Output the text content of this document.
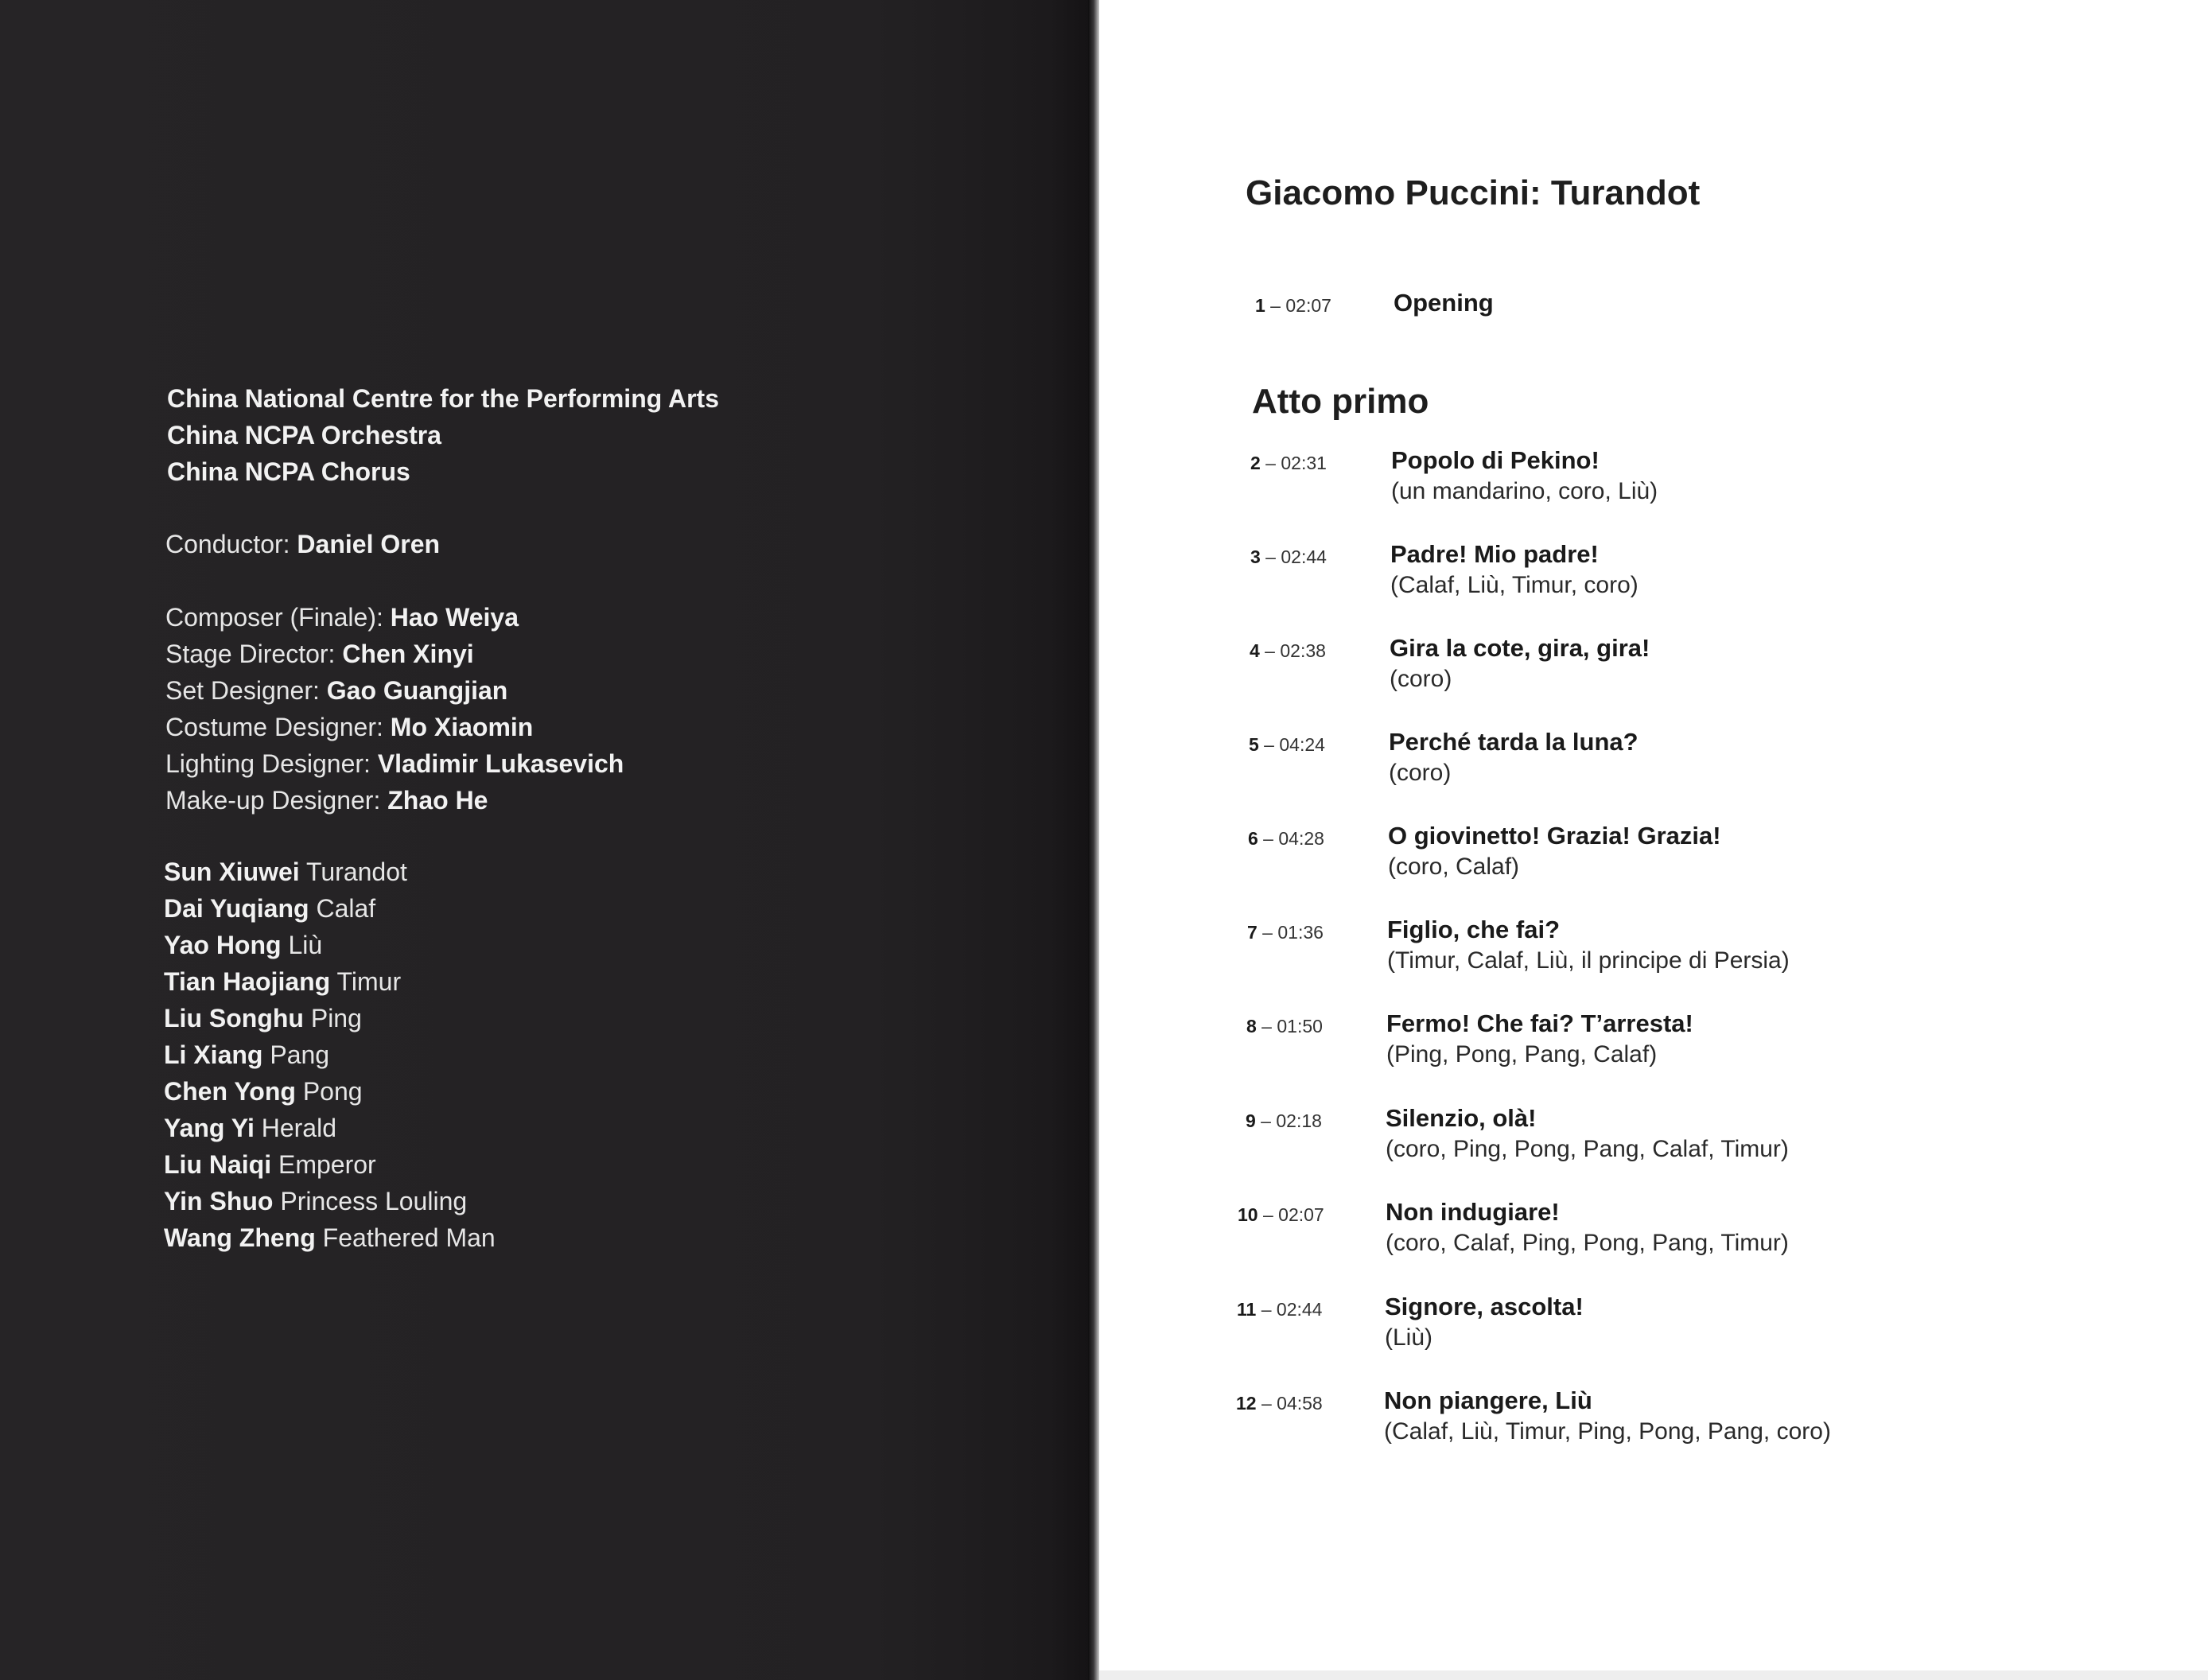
China National Centre for the Performing Arts
China NCPA Orchestra
China NCPA Chorus
Conductor: Daniel Oren
Composer (Finale): Hao Weiya
Stage Director: Chen Xinyi
Set Designer: Gao Guangjian
Costume Designer: Mo Xiaomin
Lighting Designer: Vladimir Lukasevich
Make-up Designer: Zhao He
Sun Xiuwei Turandot
Dai Yuqiang Calaf
Yao Hong Liù
Tian Haojiang Timur
Liu Songhu Ping
Li Xiang Pang
Chen Yong Pong
Yang Yi Herald
Liu Naiqi Emperor
Yin Shuo Princess Louling
Wang Zheng Feathered Man
Giacomo Puccini: Turandot
1 – 02:07	Opening
Atto primo
2 – 02:31	Popolo di Pekino!
(un mandarino, coro, Liù)
3 – 02:44	Padre! Mio padre!
(Calaf, Liù, Timur, coro)
4 – 02:38	Gira la cote, gira, gira!
(coro)
5 – 04:24	Perché tarda la luna?
(coro)
6 – 04:28	O giovinetto! Grazia! Grazia!
(coro, Calaf)
7 – 01:36	Figlio, che fai?
(Timur, Calaf, Liù, il principe di Persia)
8 – 01:50	Fermo! Che fai? T’arresta!
(Ping, Pong, Pang, Calaf)
9 – 02:18	Silenzio, olà!
(coro, Ping, Pong, Pang, Calaf, Timur)
10 – 02:07 Non indugiare!
(coro, Calaf, Ping, Pong, Pang, Timur)
11 – 02:44	Signore, ascolta!
(Liù)
12 – 04:58 Non piangere, Liù
(Calaf, Liù, Timur, Ping, Pong, Pang, coro)
